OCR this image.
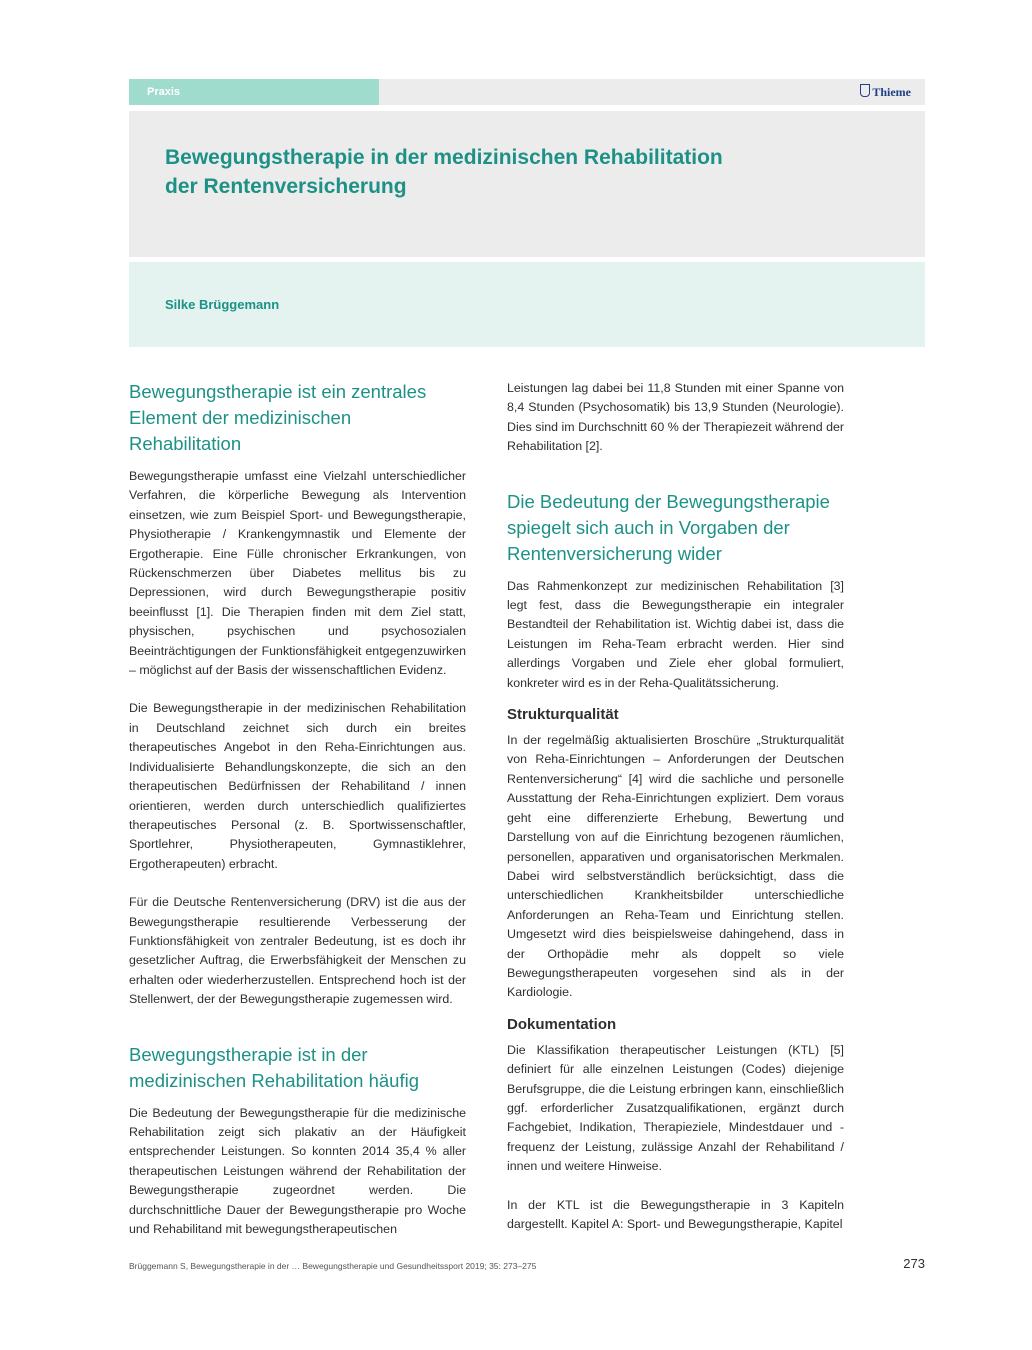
Praxis	Thieme
Bewegungstherapie in der medizinischen Rehabilitation
der Rentenversicherung
Silke Brüggemann
Bewegungstherapie ist ein zentrales Element der medizinischen Rehabilitation

Bewegungstherapie umfasst eine Vielzahl unterschiedlicher Verfahren, die körperliche Bewegung als Intervention einsetzen, wie zum Beispiel Sport- und Bewegungstherapie, Physiotherapie / Krankengymnastik und Elemente der Ergotherapie. Eine Fülle chronischer Erkrankungen, von Rückenschmerzen über Diabetes mellitus bis zu Depressionen, wird durch Bewegungstherapie positiv beeinflusst [1]. Die Therapien finden mit dem Ziel statt, physischen, psychischen und psychosozialen Beeinträchtigungen der Funktionsfähigkeit entgegenzuwirken – möglichst auf der Basis der wissenschaftlichen Evidenz.

Die Bewegungstherapie in der medizinischen Rehabilitation in Deutschland zeichnet sich durch ein breites therapeutisches Angebot in den Reha-Einrichtungen aus. Individualisierte Behandlungskonzepte, die sich an den therapeutischen Bedürfnissen der Rehabilitand / innen orientieren, werden durch unterschiedlich qualifiziertes therapeutisches Personal (z. B. Sportwissenschaftler, Sportlehrer, Physiotherapeuten, Gymnastiklehrer, Ergotherapeuten) erbracht.

Für die Deutsche Rentenversicherung (DRV) ist die aus der Bewegungstherapie resultierende Verbesserung der Funktionsfähigkeit von zentraler Bedeutung, ist es doch ihr gesetzlicher Auftrag, die Erwerbsfähigkeit der Menschen zu erhalten oder wiederherzustellen. Entsprechend hoch ist der Stellenwert, der der Bewegungstherapie zugemessen wird.

Bewegungstherapie ist in der medizinischen Rehabilitation häufig

Die Bedeutung der Bewegungstherapie für die medizinische Rehabilitation zeigt sich plakativ an der Häufigkeit entsprechender Leistungen. So konnten 2014 35,4 % aller therapeutischen Leistungen während der Rehabilitation der Bewegungstherapie zugeordnet werden. Die durchschnittliche Dauer der Bewegungstherapie pro Woche und Rehabilitand mit bewegungstherapeutischen

Leistungen lag dabei bei 11,8 Stunden mit einer Spanne von 8,4 Stunden (Psychosomatik) bis 13,9 Stunden (Neurologie). Dies sind im Durchschnitt 60 % der Therapiezeit während der Rehabilitation [2].

Die Bedeutung der Bewegungstherapie spiegelt sich auch in Vorgaben der Rentenversicherung wider

Das Rahmenkonzept zur medizinischen Rehabilitation [3] legt fest, dass die Bewegungstherapie ein integraler Bestandteil der Rehabilitation ist. Wichtig dabei ist, dass die Leistungen im Reha-Team erbracht werden. Hier sind allerdings Vorgaben und Ziele eher global formuliert, konkreter wird es in der Reha-Qualitätssicherung.

Strukturqualität

In der regelmäßig aktualisierten Broschüre „Strukturqualität von Reha-Einrichtungen – Anforderungen der Deutschen Rentenversicherung“ [4] wird die sachliche und personelle Ausstattung der Reha-Einrichtungen expliziert. Dem voraus geht eine differenzierte Erhebung, Bewertung und Darstellung von auf die Einrichtung bezogenen räumlichen, personellen, apparativen und organisatorischen Merkmalen. Dabei wird selbstverständlich berücksichtigt, dass die unterschiedlichen Krankheitsbilder unterschiedliche Anforderungen an Reha-Team und Einrichtung stellen. Umgesetzt wird dies beispielsweise dahingehend, dass in der Orthopädie mehr als doppelt so viele Bewegungstherapeuten vorgesehen sind als in der Kardiologie.

Dokumentation

Die Klassifikation therapeutischer Leistungen (KTL) [5] definiert für alle einzelnen Leistungen (Codes) diejenige Berufsgruppe, die die Leistung erbringen kann, einschließlich ggf. erforderlicher Zusatzqualifikationen, ergänzt durch Fachgebiet, Indikation, Therapieziele, Mindestdauer und -frequenz der Leistung, zulässige Anzahl der Rehabilitand / innen und weitere Hinweise.

In der KTL ist die Bewegungstherapie in 3 Kapiteln dargestellt. Kapitel A: Sport- und Bewegungstherapie, Kapitel

Brüggemann S, Bewegungstherapie in der … Bewegungstherapie und Gesundheitssport 2019; 35: 273–275	273
